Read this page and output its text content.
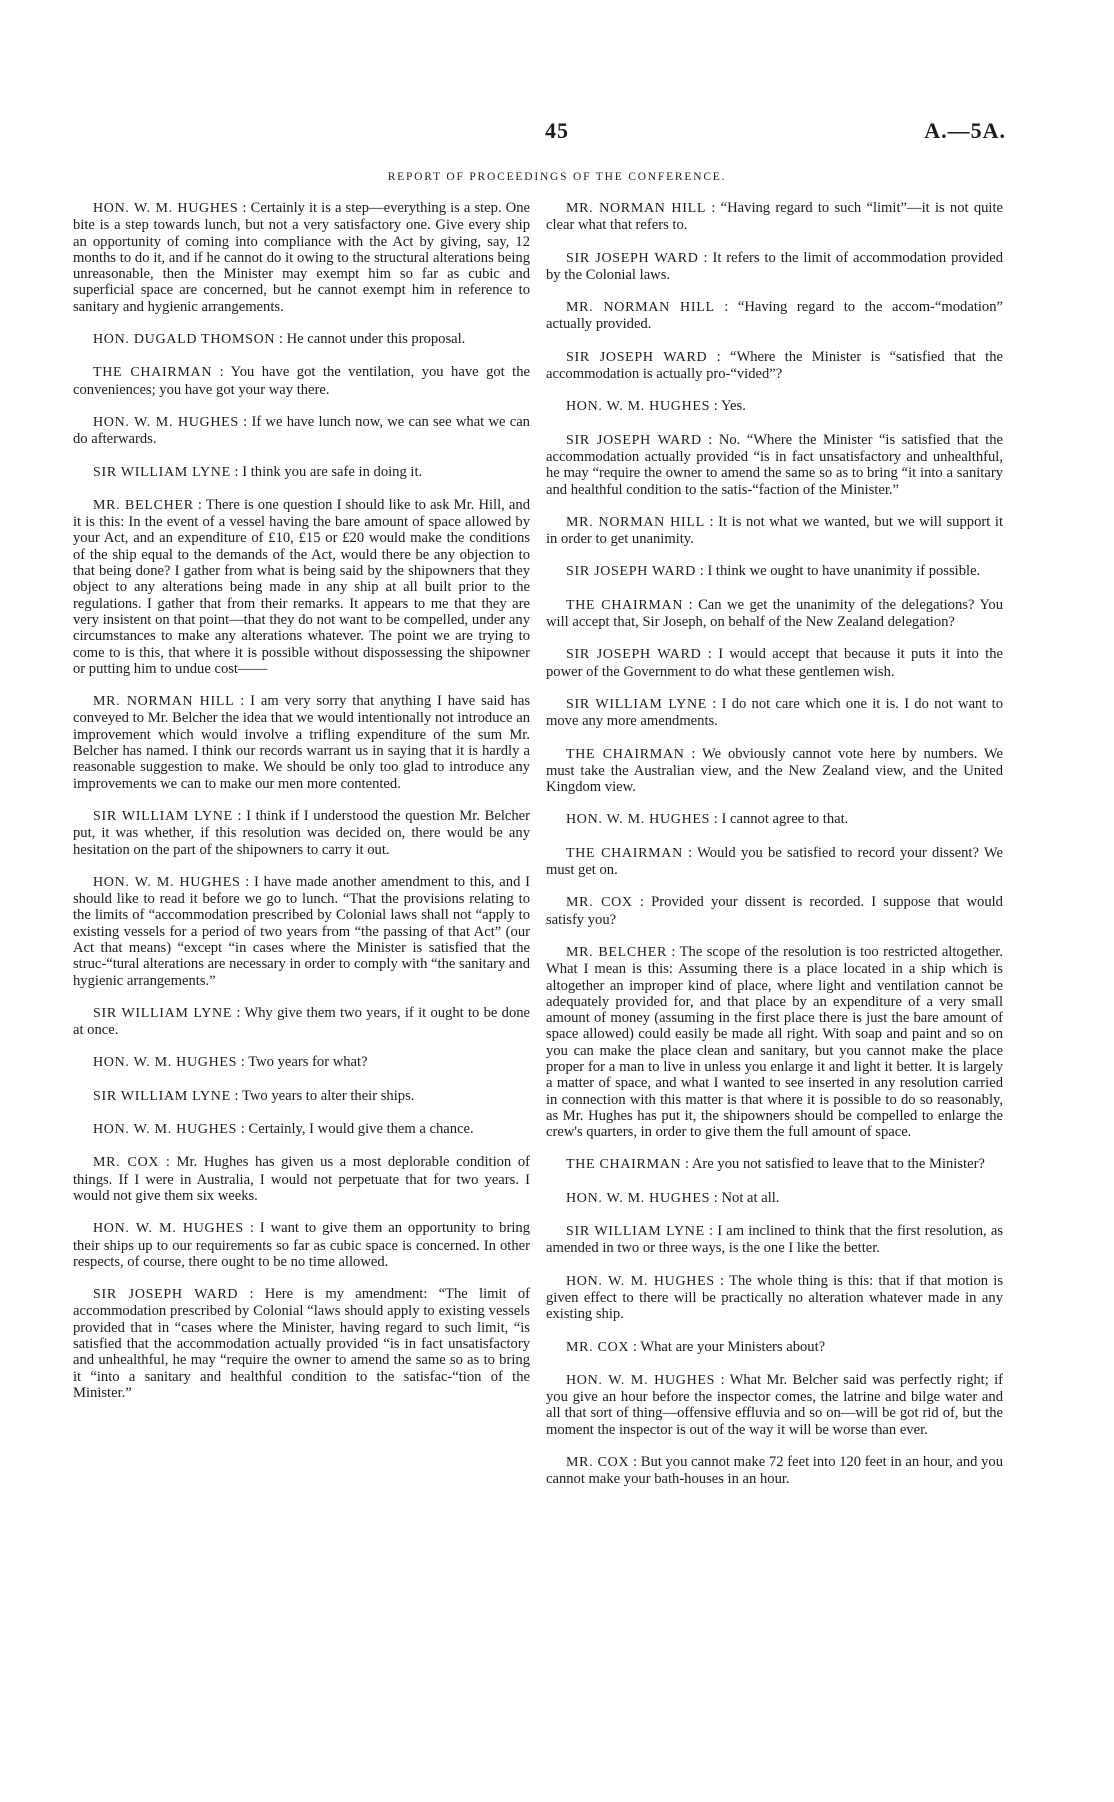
45	A.—5A.
REPORT OF PROCEEDINGS OF THE CONFERENCE.

HON. W. M. HUGHES : Certainly it is a step—everything is a step. One bite is a step towards lunch, but not a very satisfactory one. Give every ship an opportunity of coming into compliance with the Act by giving, say, 12 months to do it, and if he cannot do it owing to the structural alterations being unreasonable, then the Minister may exempt him so far as cubic and superficial space are concerned, but he cannot exempt him in reference to sanitary and hygienic arrangements.

HON. DUGALD THOMSON : He cannot under this proposal.

THE CHAIRMAN : You have got the ventilation, you have got the conveniences; you have got your way there.

HON. W. M. HUGHES : If we have lunch now, we can see what we can do afterwards.

SIR WILLIAM LYNE : I think you are safe in doing it.

MR. BELCHER : There is one question I should like to ask Mr. Hill, and it is this: In the event of a vessel having the bare amount of space allowed by your Act, and an expenditure of £10, £15 or £20 would make the conditions of the ship equal to the demands of the Act, would there be any objection to that being done? I gather from what is being said by the shipowners that they object to any alterations being made in any ship at all built prior to the regulations. I gather that from their remarks. It appears to me that they are very insistent on that point—that they do not want to be compelled, under any circumstances to make any alterations whatever. The point we are trying to come to is this, that where it is possible without dispossessing the shipowner or putting him to undue cost——

MR. NORMAN HILL : I am very sorry that anything I have said has conveyed to Mr. Belcher the idea that we would intentionally not introduce an improvement which would involve a trifling expenditure of the sum Mr. Belcher has named. I think our records warrant us in saying that it is hardly a reasonable suggestion to make. We should be only too glad to introduce any improvements we can to make our men more contented.

SIR WILLIAM LYNE : I think if I understood the question Mr. Belcher put, it was whether, if this resolution was decided on, there would be any hesitation on the part of the shipowners to carry it out.

HON. W. M. HUGHES : I have made another amendment to this, and I should like to read it before we go to lunch. “That the provisions relating to the limits of “accommodation prescribed by Colonial laws shall not “apply to existing vessels for a period of two years from “the passing of that Act” (our Act that means) “except “in cases where the Minister is satisfied that the struc-“tural alterations are necessary in order to comply with “the sanitary and hygienic arrangements.”

SIR WILLIAM LYNE : Why give them two years, if it ought to be done at once.

HON. W. M. HUGHES : Two years for what?

SIR WILLIAM LYNE : Two years to alter their ships.

HON. W. M. HUGHES : Certainly, I would give them a chance.

MR. COX : Mr. Hughes has given us a most deplorable condition of things. If I were in Australia, I would not perpetuate that for two years. I would not give them six weeks.

HON. W. M. HUGHES : I want to give them an opportunity to bring their ships up to our requirements so far as cubic space is concerned. In other respects, of course, there ought to be no time allowed.

SIR JOSEPH WARD : Here is my amendment: “The limit of accommodation prescribed by Colonial “laws should apply to existing vessels provided that in “cases where the Minister, having regard to such limit, “is satisfied that the accommodation actually provided “is in fact unsatisfactory and unhealthful, he may “require the owner to amend the same so as to bring it “into a sanitary and healthful condition to the satisfac-“tion of the Minister.”

MR. NORMAN HILL : “Having regard to such “limit”—it is not quite clear what that refers to.

SIR JOSEPH WARD : It refers to the limit of accommodation provided by the Colonial laws.

MR. NORMAN HILL : “Having regard to the accom-“modation” actually provided.

SIR JOSEPH WARD : “Where the Minister is “satisfied that the accommodation is actually pro-“vided”?

HON. W. M. HUGHES : Yes.

SIR JOSEPH WARD : No. “Where the Minister “is satisfied that the accommodation actually provided “is in fact unsatisfactory and unhealthful, he may “require the owner to amend the same so as to bring “it into a sanitary and healthful condition to the satis-“faction of the Minister.”

MR. NORMAN HILL : It is not what we wanted, but we will support it in order to get unanimity.

SIR JOSEPH WARD : I think we ought to have unanimity if possible.

THE CHAIRMAN : Can we get the unanimity of the delegations? You will accept that, Sir Joseph, on behalf of the New Zealand delegation?

SIR JOSEPH WARD : I would accept that because it puts it into the power of the Government to do what these gentlemen wish.

SIR WILLIAM LYNE : I do not care which one it is. I do not want to move any more amendments.

THE CHAIRMAN : We obviously cannot vote here by numbers. We must take the Australian view, and the New Zealand view, and the United Kingdom view.

HON. W. M. HUGHES : I cannot agree to that.

THE CHAIRMAN : Would you be satisfied to record your dissent? We must get on.

MR. COX : Provided your dissent is recorded. I suppose that would satisfy you?

MR. BELCHER : The scope of the resolution is too restricted altogether. What I mean is this: Assuming there is a place located in a ship which is altogether an improper kind of place, where light and ventilation cannot be adequately provided for, and that place by an expenditure of a very small amount of money (assuming in the first place there is just the bare amount of space allowed) could easily be made all right. With soap and paint and so on you can make the place clean and sanitary, but you cannot make the place proper for a man to live in unless you enlarge it and light it better. It is largely a matter of space, and what I wanted to see inserted in any resolution carried in connection with this matter is that where it is possible to do so reasonably, as Mr. Hughes has put it, the shipowners should be compelled to enlarge the crew's quarters, in order to give them the full amount of space.

THE CHAIRMAN : Are you not satisfied to leave that to the Minister?

HON. W. M. HUGHES : Not at all.

SIR WILLIAM LYNE : I am inclined to think that the first resolution, as amended in two or three ways, is the one I like the better.

HON. W. M. HUGHES : The whole thing is this: that if that motion is given effect to there will be practically no alteration whatever made in any existing ship.

MR. COX : What are your Ministers about?

HON. W. M. HUGHES : What Mr. Belcher said was perfectly right; if you give an hour before the inspector comes, the latrine and bilge water and all that sort of thing—offensive effluvia and so on—will be got rid of, but the moment the inspector is out of the way it will be worse than ever.

MR. COX : But you cannot make 72 feet into 120 feet in an hour, and you cannot make your bath-houses in an hour.
